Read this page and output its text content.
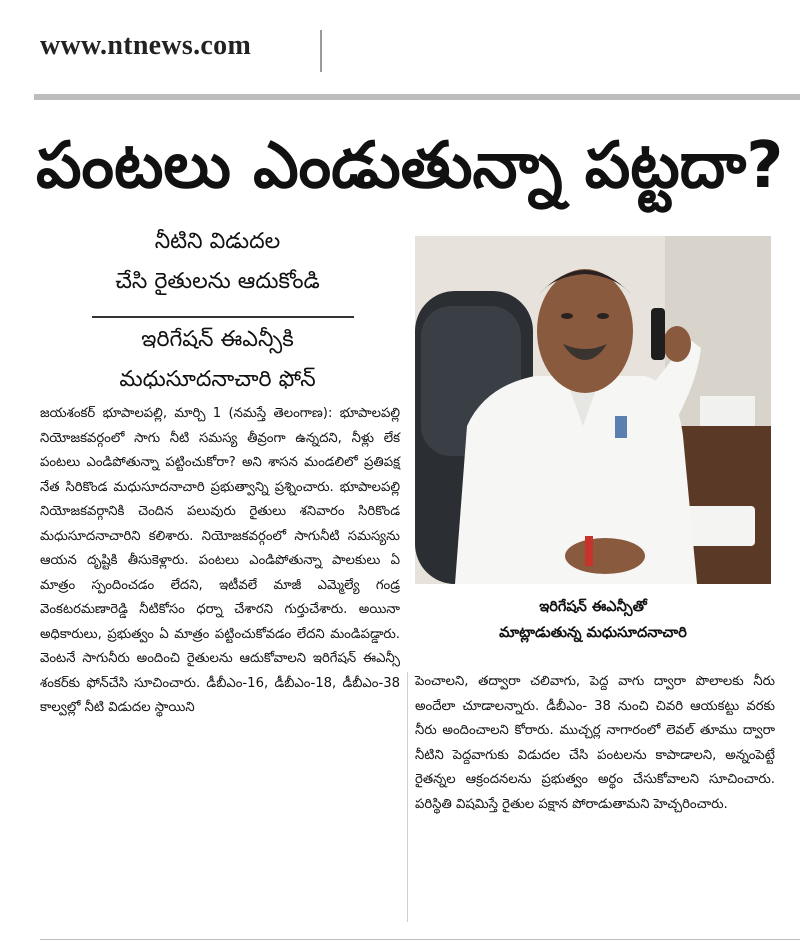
www.ntnews.com
పంటలు ఎండుతున్నా పట్టదా?
నీటిని విడుదల
చేసి రైతులను ఆదుకోండి
ఇరిగేషన్‌ ఈఎన్సీకి
మధుసూదనాచారి ఫోన్‌

జయశంకర్‌ భూపాలపల్లి, మార్చి 1 (నమస్తే తెలంగాణ): భూపాలపల్లి నియోజకవర్గంలో సాగు నీటి సమస్య తీవ్రంగా ఉన్నదని, నీళ్లు లేక పంటలు ఎండిపోతున్నా పట్టించుకోరా? అని శాసన మండలిలో ప్రతిపక్ష నేత సిరికొండ మధుసూదనాచారి ప్రభుత్వాన్ని ప్రశ్నించారు. భూపాలపల్లి నియోజకవర్గానికి చెందిన పలువురు రైతులు శనివారం సిరికొండ మధుసూదనాచారిని కలిశారు. నియోజకవర్గంలో సాగునీటి సమస్యను ఆయన దృష్టికి తీసుకెళ్లారు. పంటలు ఎండిపోతున్నా పాలకులు ఏ మాత్రం స్పందించడం లేదని, ఇటీవలే మాజీ ఎమ్మెల్యే గండ్ర వెంకటరమణారెడ్డి నీటికోసం ధర్నా చేశారని గుర్తుచేశారు. అయినా అధికారులు, ప్రభుత్వం ఏ మాత్రం పట్టించుకోవడం లేదని మండిపడ్డారు. వెంటనే సాగునీరు అందించి రైతులను ఆదుకోవాలని ఇరిగేషన్‌ ఈఎన్సీ శంకర్‌కు ఫోన్‌చేసి సూచించారు. డీబీఎం-16, డీబీఎం-18, డీబీఎం-38 కాల్వల్లో నీటి విడుదల స్థాయిని

ఇరిగేషన్‌ ఈఎన్సీతో
మాట్లాడుతున్న మధుసూదనాచారి

పెంచాలని, తద్వారా చలివాగు, పెద్ద వాగు ద్వారా పొలాలకు నీరు అందేలా చూడాలన్నారు. డీబీఎం- 38 నుంచి చివరి ఆయకట్టు వరకు నీరు అందించాలని కోరారు. ముచ్చర్ల నాగారంలో లెవల్‌ తూము ద్వారా నీటిని పెద్దవాగుకు విడుదల చేసి పంటలను కాపాడాలని, అన్నంపెట్టే రైతన్నల ఆక్రందనలను ప్రభుత్వం అర్థం చేసుకోవాలని సూచించారు. పరిస్థితి విషమిస్తే రైతుల పక్షాన పోరాడుతామని హెచ్చరించారు.
